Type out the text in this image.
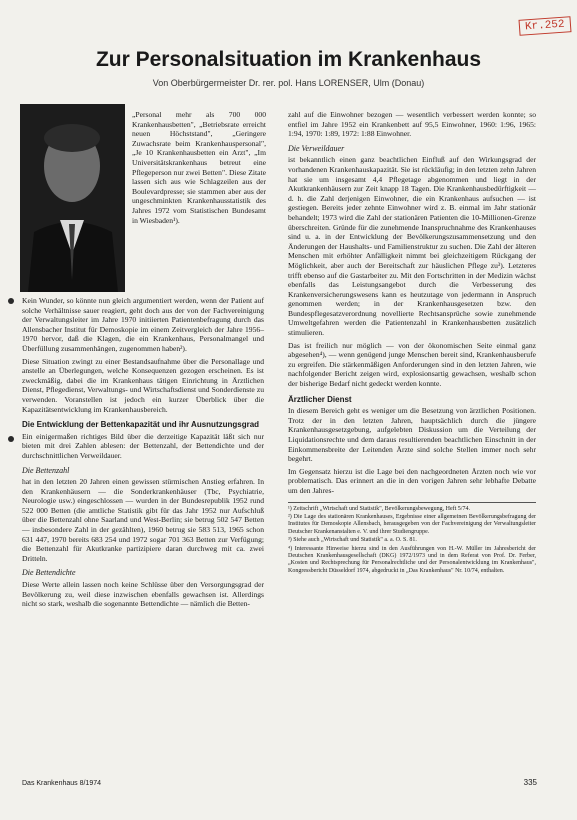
Kr.252
Zur Personalsituation im Krankenhaus
Von Oberbürgermeister Dr. rer. pol. Hans LORENSER, Ulm (Donau)

„Personal mehr als 700 000 Krankenhausbetten", „Betriebsrate erreicht neuen Höchststand", „Geringere Zuwachsrate beim Krankenhauspersonal", „Je 10 Krankenhausbetten ein Arzt", „Im Universitätskrankenhaus betreut eine Pflegeperson nur zwei Betten". Diese Zitate lassen sich aus wie Schlagzeilen aus der Boulevardpresse; sie stammen aber aus der ungeschminkten Krankenhausstatistik des Jahres 1972 vom Statistischen Bundesamt in Wiesbaden¹).

Kein Wunder, so könnte nun gleich argumentiert werden, wenn der Patient auf solche Verhältnisse sauer reagiert, geht doch aus der von der Fachvereinigung der Verwaltungsleiter im Jahre 1970 initiierten Patientenbefragung durch das Allensbacher Institut für Demoskopie im einem Zeitvergleich der Jahre 1956–1970 hervor, daß die Klagen, die ein Krankenhaus, Personalmangel und Überfüllung zusammenhängen, zugenommen haben²).

Diese Situation zwingt zu einer Bestandsaufnahme über die Personallage und anstelle an Überlegungen, welche Konsequenzen gezogen erscheinen. Es ist zweckmäßig, dabei die im Krankenhaus tätigen Einrichtung in Ärztlichen Dienst, Pflegedienst, Verwaltungs- und Wirtschaftsdienst und Sonderdienste zu verwenden. Voranstellen ist jedoch ein kurzer Überblick über die Kapazitätsentwicklung im Krankenhausbereich.

Die Entwicklung der Bettenkapazität und ihr Ausnutzungsgrad

Ein einigermaßen richtiges Bild über die derzeitige Kapazität läßt sich nur bieten mit drei Zahlen ablesen: der Bettenzahl, der Bettendichte und der durchschnittlichen Verweildauer.

Die Bettenzahl

hat in den letzten 20 Jahren einen gewissen stürmischen Anstieg erfahren. In den Krankenhäusern — die Sonderkrankenhäuser (Tbc, Psychiatrie, Neurologie usw.) eingeschlossen — wurden in der Bundesrepublik 1952 rund 522 000 Betten (die amtliche Statistik gibt für das Jahr 1952 nur Aufschluß über die Bettenzahl ohne Saarland und West-Berlin; sie betrug 502 547 Betten — insbesondere Zahl in der gezählten), 1960 betrug sie 583 513, 1965 schon 631 447, 1970 bereits 683 254 und 1972 sogar 701 363 Betten zur Verfügung; die Bettenzahl für Akutkranke partizipiere daran durchweg mit ca. zwei Dritteln.

Die Bettendichte

Diese Werte allein lassen noch keine Schlüsse über den Versorgungsgrad der Bevölkerung zu, weil diese inzwischen ebenfalls gewachsen ist. Allerdings nicht so stark, weshalb die sogenannte Bettendichte — nämlich die Betten-

zahl auf die Einwohner bezogen — wesentlich verbessert werden konnte; so entfiel im Jahre 1952 ein Krankenbett auf 95,5 Einwohner, 1960: 1:96, 1965: 1:94, 1970: 1:89, 1972: 1:88 Einwohner.

Die Verweildauer

ist bekanntlich einen ganz beachtlichen Einfluß auf den Wirkungsgrad der vorhandenen Krankenhauskapazität. Sie ist rückläufig; in den letzten zehn Jahren hat sie um insgesamt 4,4 Pflegetage abgenommen und liegt in der Akutkrankenhäusern zur Zeit knapp 18 Tagen. Die Krankenhausbedürftigkeit — d. h. die Zahl derjenigen Einwohner, die ein Krankenhaus aufsuchen — ist gestiegen. Bereits jeder zehnte Einwohner wird z. B. einmal im Jahr stationär behandelt; 1973 wird die Zahl der stationären Patienten die 10-Millionen-Grenze überschreiten. Gründe für die zunehmende Inanspruchnahme des Krankenhauses sind u. a. in der Entwicklung der Bevölkerungszusammensetzung und den Änderungen der Haushalts- und Familienstruktur zu suchen. Die Zahl der älteren Menschen mit erhöhter Anfälligkeit nimmt bei gleichzeitigem Rückgang der Möglichkeit, aber auch der Bereitschaft zur häuslichen Pflege zu³). Letzteres trifft ebenso auf die Gastarbeiter zu. Mit den Fortschritten in der Medizin wächst ebenfalls das Leistungsangebot durch die Verbesserung des Krankenversicherungswesens kann es heutzutage von jedermann in Anspruch genommen werden; in der Krankenhausgesetzen bzw. den Bundespflegesatzverordnung novellierte Rechtsansprüche sowie zunehmende Umweltgefahren werden die Patientenzahl in Krankenhausbetten zusätzlich stimulieren.

Das ist freilich nur möglich — von der ökonomischen Seite einmal ganz abgesehen⁴), — wenn genügend junge Menschen bereit sind, Krankenhausberufe zu ergreifen. Die stärkenmäßigen Anforderungen sind in den letzten Jahren, wie nachfolgender Bericht zeigen wird, explosionsartig gewachsen, weshalb schon der bisherige Bedarf nicht gedeckt werden konnte.

Ärztlicher Dienst

In diesem Bereich geht es weniger um die Besetzung von ärztlichen Positionen. Trotz der in den letzten Jahren, hauptsächlich durch die jüngere Krankenhausgesetzgebung, aufgelebten Diskussion um die Verteilung der Liquidationsrechte und dem daraus resultierenden beachtlichen Einschnitt in der Einkommensbreite der Leitenden Ärzte sind solche Stellen immer noch sehr begehrt.

Im Gegensatz hierzu ist die Lage bei den nachgeordneten Ärzten noch wie vor problematisch. Das erinnert an die in den vorigen Jahren sehr lebhafte Debatte um den Jahres-

¹) Zeitschrift „Wirtschaft und Statistik", Bevölkerungsbewegung, Heft 5/74.
²) Die Lage des stationären Krankenhauses, Ergebnisse einer allgemeinen Bevölkerungsbefragung der Institutes für Demoskopie Allensbach, herausgegeben von der Fachvereinigung der Verwaltungsleiter Deutscher Krankenanstalten e. V. und ihrer Studiengruppe.
³) Siehe auch „Wirtschaft und Statistik" a. a. O. S. 81.
⁴) Interessante Hinweise hierzu sind in den Ausführungen von H.-W. Müller im Jahresbericht der Deutschen Krankenhausgesellschaft (DKG) 1972/1973 und in dem Referat von Prof. Dr. Ferber, „Kosten und Rechtsprechung für Personalrechtliche und der Personalentwicklung im Krankenhaus", Kongressbericht Düsseldorf 1974, abgedruckt in „Das Krankenhaus" Nr. 10/74, enthalten.
Das Krankenhaus 8/1974	335
